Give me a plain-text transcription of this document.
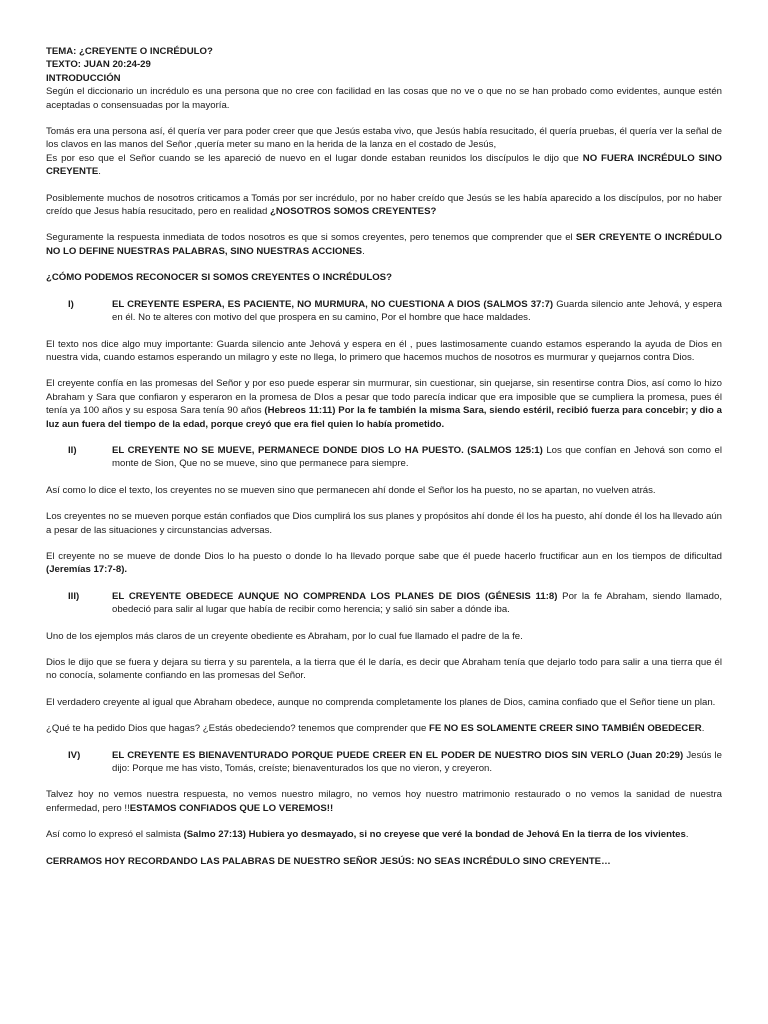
TEMA: ¿CREYENTE O INCRÉDULO?
TEXTO: JUAN 20:24-29
INTRODUCCIÓN

Según el diccionario un incrédulo es una persona que no cree con facilidad en las cosas que no ve o que no se han probado como evidentes, aunque estén aceptadas o consensuadas por la mayoría.

Tomás era una persona así, él quería ver para poder creer que que Jesús estaba vivo, que Jesús había resucitado, él quería pruebas, él quería ver la señal de los clavos en las manos del Señor ,quería meter su mano en la herida de la lanza en el costado de Jesús,

Es por eso que el Señor cuando se les apareció de nuevo en el lugar donde estaban reunidos los discípulos le dijo que NO FUERA INCRÉDULO SINO CREYENTE.

Posiblemente muchos de nosotros criticamos a Tomás por ser incrédulo, por no haber creído que Jesús se les había aparecido a los discípulos, por no haber creído que Jesus había resucitado, pero en realidad ¿NOSOTROS SOMOS CREYENTES?

Seguramente la respuesta inmediata de todos nosotros es que si somos creyentes, pero tenemos que comprender que el SER CREYENTE O INCRÉDULO NO LO DEFINE NUESTRAS PALABRAS, SINO NUESTRAS ACCIONES.

¿CÓMO PODEMOS RECONOCER SI SOMOS CREYENTES O INCRÉDULOS?
I)	EL CREYENTE ESPERA, ES PACIENTE, NO MURMURA, NO CUESTIONA A DIOS (SALMOS 37:7) Guarda silencio ante Jehová, y espera en él. No te alteres con motivo del que prospera en su camino, Por el hombre que hace maldades.

El texto nos dice algo muy importante: Guarda silencio ante Jehová y espera en él , pues lastimosamente cuando estamos esperando la ayuda de Dios en nuestra vida, cuando estamos esperando un milagro y este no llega, lo primero que hacemos muchos de nosotros es murmurar y quejarnos contra Dios.

El creyente confía en las promesas del Señor y por eso puede esperar sin murmurar, sin cuestionar, sin quejarse, sin resentirse contra Dios, así como lo hizo Abraham y Sara que confiaron y esperaron en la promesa de DIos a pesar que todo parecía indicar que era imposible que se cumpliera la promesa, pues él tenía ya 100 años y su esposa Sara tenía 90 años (Hebreos 11:11) Por la fe también la misma Sara, siendo estéril, recibió fuerza para concebir; y dio a luz aun fuera del tiempo de la edad, porque creyó que era fiel quien lo había prometido.

II)	EL CREYENTE NO SE MUEVE, PERMANECE DONDE DIOS LO HA PUESTO. (SALMOS 125:1) Los que confían en Jehová son como el monte de Sion, Que no se mueve, sino que permanece para siempre.

Así como lo dice el texto, los creyentes no se mueven sino que permanecen ahí donde el Señor los ha puesto, no se apartan, no vuelven atrás.

Los creyentes no se mueven porque están confiados que Dios cumplirá los sus planes y propósitos ahí donde él los ha puesto, ahí donde él los ha llevado aún a pesar de las situaciones y circunstancias adversas.

El creyente no se mueve de donde Dios lo ha puesto o donde lo ha llevado porque sabe que él puede hacerlo fructificar aun en los tiempos de dificultad (Jeremías 17:7-8).

III)	EL CREYENTE OBEDECE AUNQUE NO COMPRENDA LOS PLANES DE DIOS (GÉNESIS 11:8) Por la fe Abraham, siendo llamado, obedeció para salir al lugar que había de recibir como herencia; y salió sin saber a dónde iba.

Uno de los ejemplos más claros de un creyente obediente es Abraham, por lo cual fue llamado el padre de la fe.

Dios le dijo que se fuera y dejara su tierra y su parentela, a la tierra que él le daría, es decir que Abraham tenía que dejarlo todo para salir a una tierra que él no conocía, solamente confiando en las promesas del Señor.

El verdadero creyente al igual que Abraham obedece, aunque no comprenda completamente los planes de Dios, camina confiado que el Señor tiene un plan.

¿Qué te ha pedido Dios que hagas? ¿Estás obedeciendo? tenemos que comprender que FE NO ES SOLAMENTE CREER SINO TAMBIÉN OBEDECER.

IV)	EL CREYENTE ES BIENAVENTURADO PORQUE PUEDE CREER EN EL PODER DE NUESTRO DIOS SIN VERLO (Juan 20:29) Jesús le dijo: Porque me has visto, Tomás, creíste; bienaventurados los que no vieron, y creyeron.

Talvez hoy no vemos nuestra respuesta, no vemos nuestro milagro, no vemos hoy nuestro matrimonio restaurado o no vemos la sanidad de nuestra enfermedad, pero !!ESTAMOS CONFIADOS QUE LO VEREMOS!!

Así como lo expresó el salmista (Salmo 27:13) Hubiera yo desmayado, si no creyese que veré la bondad de Jehová En la tierra de los vivientes.

CERRAMOS HOY RECORDANDO LAS PALABRAS DE NUESTRO SEÑOR JESÚS: NO SEAS INCRÉDULO SINO CREYENTE…
